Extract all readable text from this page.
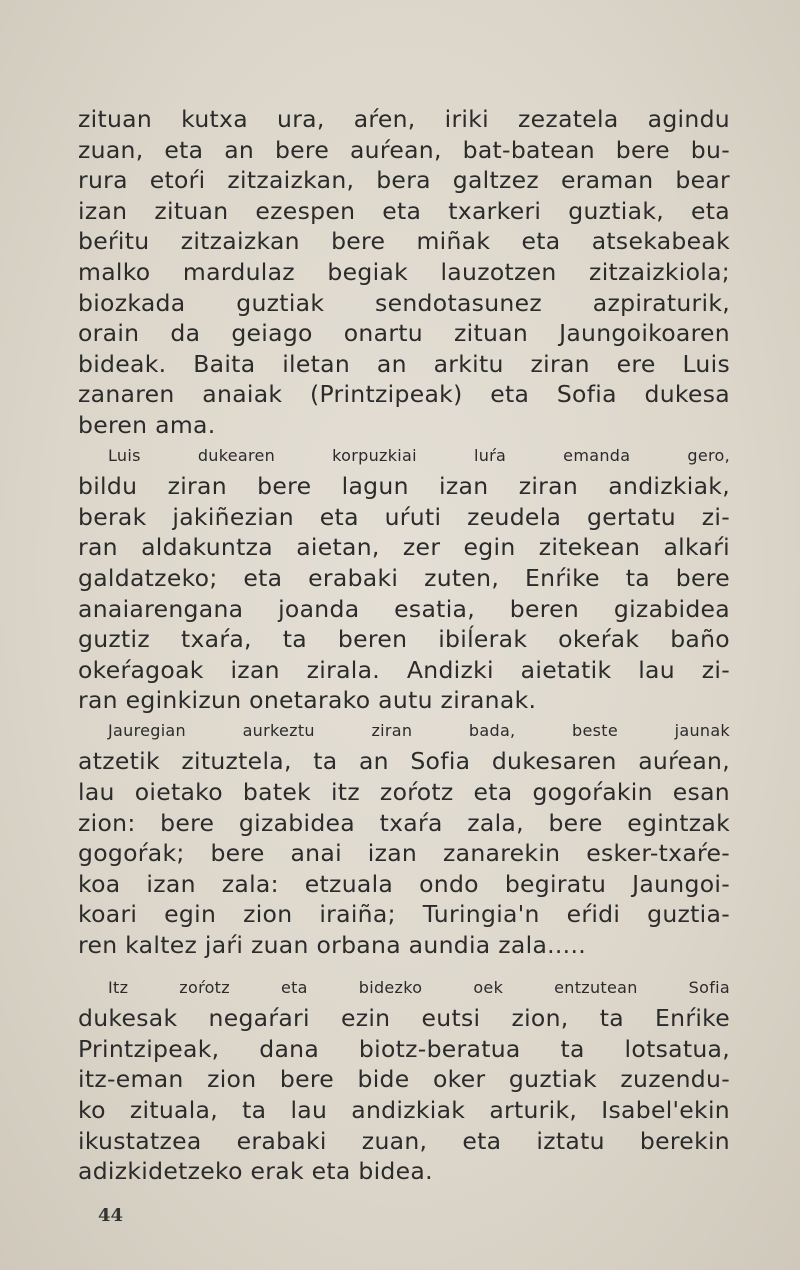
zituan kutxa ura, aŕen, iriki zezatela agindu
zuan, eta an bere auŕean, bat-batean bere bu-
rura etoŕi zitzaizkan, bera galtzez eraman bear
izan zituan ezespen eta txarkeri guztiak, eta
beŕitu zitzaizkan bere miñak eta atsekabeak
malko mardulaz begiak lauzotzen zitzaizkiola;
biozkada guztiak sendotasunez azpiraturik,
orain da geiago onartu zituan Jaungoikoaren
bideak. Baita iletan an arkitu ziran ere Luis
zanaren anaiak (Printzipeak) eta Sofia dukesa
beren ama.
Luis dukearen korpuzkiai luŕa emanda gero,
bildu ziran bere lagun izan ziran andizkiak,
berak jakiñezian eta uŕuti zeudela gertatu zi-
ran aldakuntza aietan, zer egin zitekean alkaŕi
galdatzeko; eta erabaki zuten, Enŕike ta bere
anaiarengana joanda esatia, beren gizabidea
guztiz txaŕa, ta beren ibiĺerak okeŕak baño
okeŕagoak izan zirala. Andizki aietatik lau zi-
ran eginkizun onetarako autu ziranak.
Jauregian aurkeztu ziran bada, beste jaunak
atzetik zituztela, ta an Sofia dukesaren auŕean,
lau oietako batek itz zoŕotz eta gogoŕakin esan
zion: bere gizabidea txaŕa zala, bere egintzak
gogoŕak; bere anai izan zanarekin esker-txaŕe-
koa izan zala: etzuala ondo begiratu Jaungoi-
koari egin zion iraiña; Turingia'n eŕidi guztia-
ren kaltez jaŕi zuan orbana aundia zala.....
Itz zoŕotz eta bidezko oek entzutean Sofia
dukesak negaŕari ezin eutsi zion, ta Enŕike
Printzipeak, dana biotz-beratua ta lotsatua,
itz-eman zion bere bide oker guztiak zuzendu-
ko zituala, ta lau andizkiak arturik, Isabel'ekin
ikustatzea erabaki zuan, eta iztatu berekin
adizkidetzeko erak eta bidea.
44
